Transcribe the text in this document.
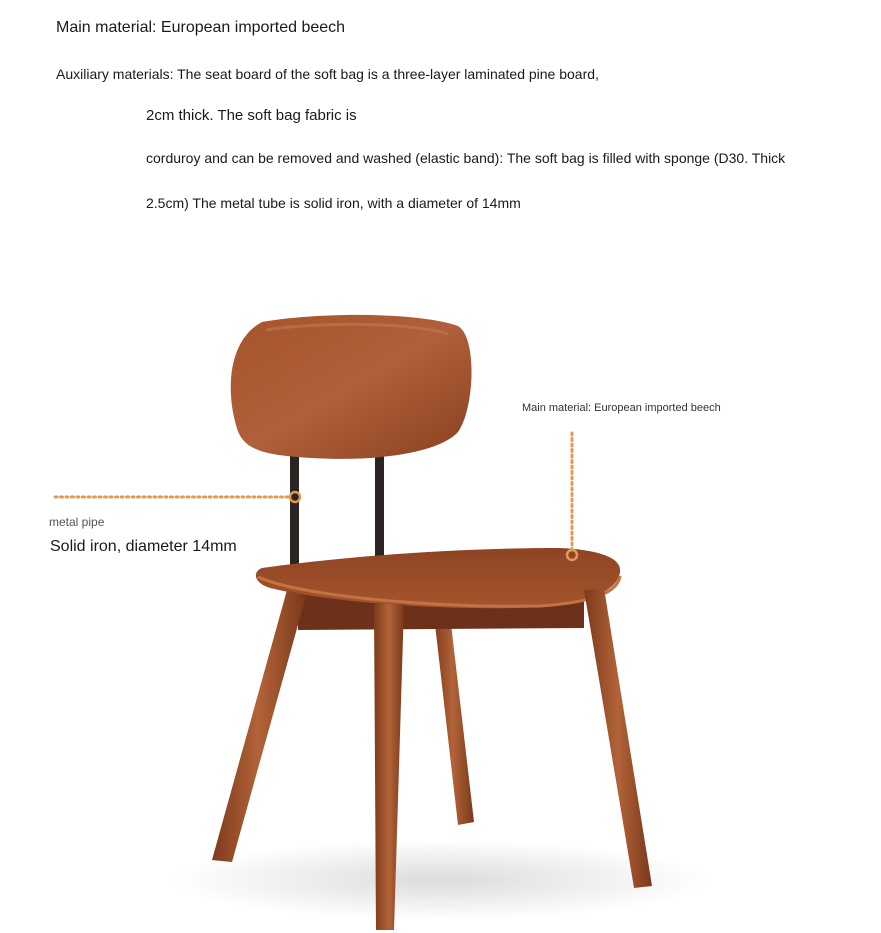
Main material: European imported beech
Auxiliary materials: The seat board of the soft bag is a three-layer laminated pine board,
2cm thick. The soft bag fabric is
corduroy and can be removed and washed (elastic band): The soft bag is filled with sponge (D30. Thick
2.5cm) The metal tube is solid iron, with a diameter of 14mm
Main material: European imported beech
metal pipe
Solid iron, diameter 14mm
